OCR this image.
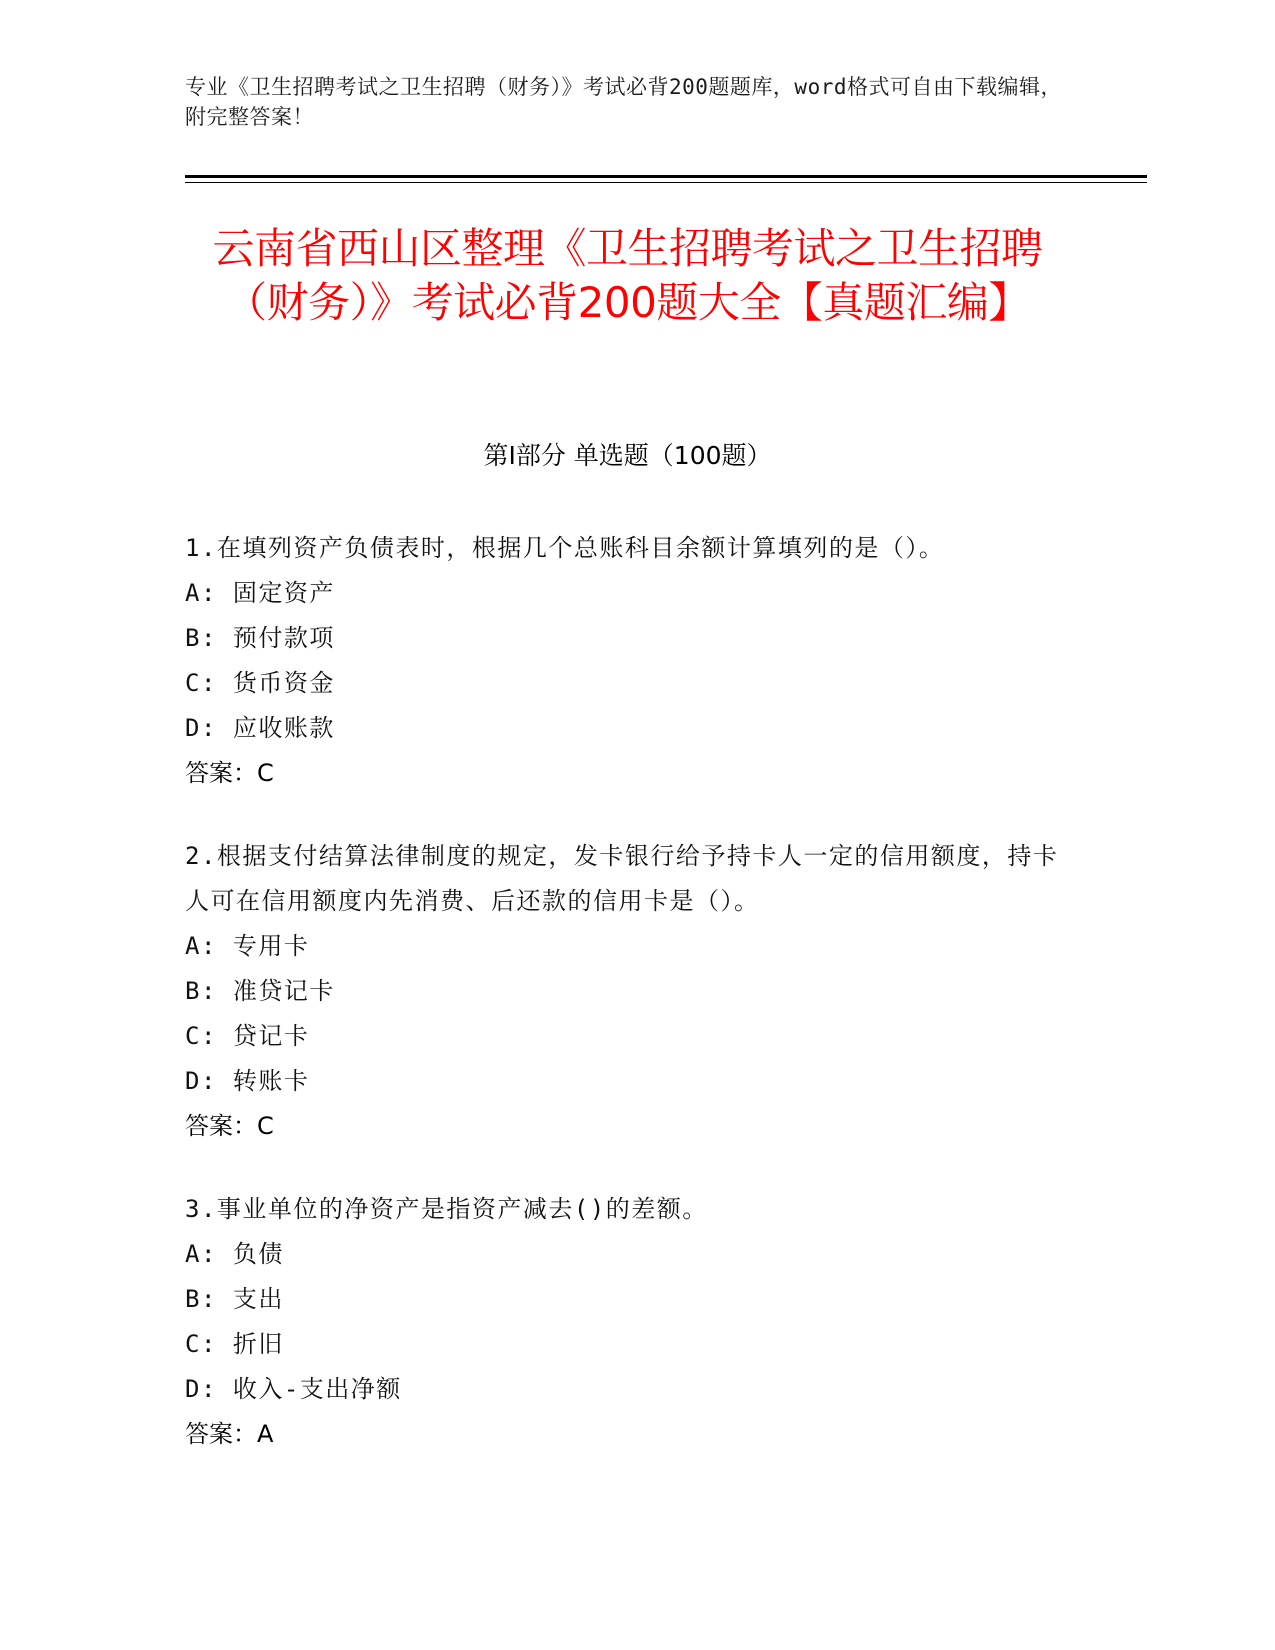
专业《卫生招聘考试之卫生招聘（财务）》考试必背200题题库，word格式可自由下载编辑，附完整答案！
云南省西山区整理《卫生招聘考试之卫生招聘（财务）》考试必背200题大全【真题汇编】
第Ⅰ部分 单选题（100题）
1.在填列资产负债表时，根据几个总账科目余额计算填列的是（）。
A: 固定资产
B: 预付款项
C: 货币资金
D: 应收账款
答案：C
2.根据支付结算法律制度的规定，发卡银行给予持卡人一定的信用额度，持卡人可在信用额度内先消费、后还款的信用卡是（）。
A: 专用卡
B: 准贷记卡
C: 贷记卡
D: 转账卡
答案：C
3.事业单位的净资产是指资产减去()的差额。
A: 负债
B: 支出
C: 折旧
D: 收入-支出净额
答案：A
